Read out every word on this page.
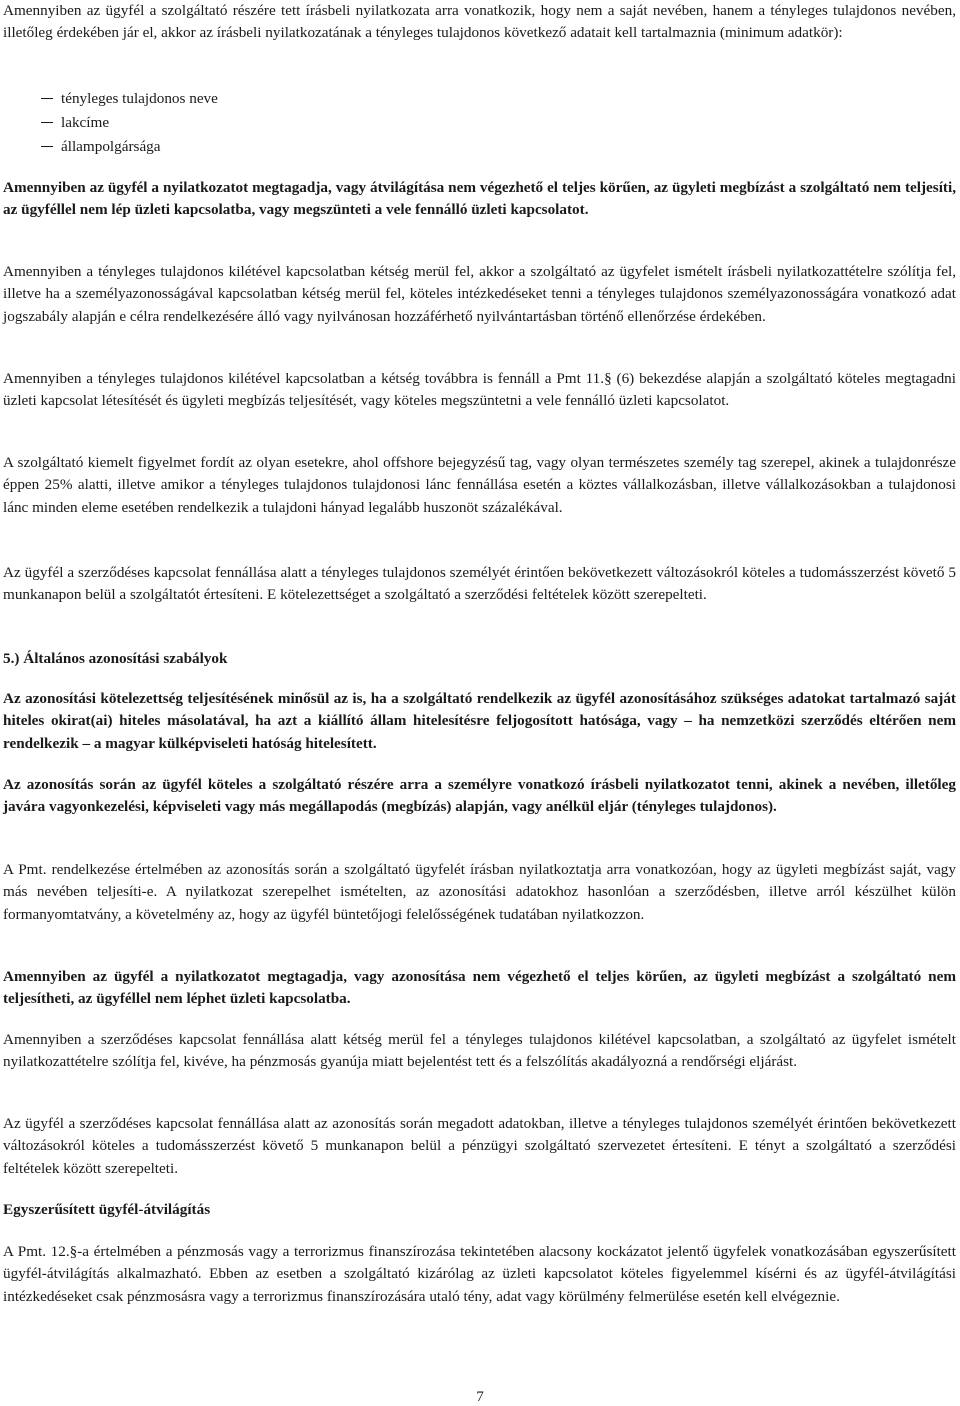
Amennyiben az ügyfél a szolgáltató részére tett írásbeli nyilatkozata arra vonatkozik, hogy nem a saját nevében, hanem a tényleges tulajdonos nevében, illetőleg érdekében jár el, akkor az írásbeli nyilatkozatának a tényleges tulajdonos következő adatait kell tartalmaznia (minimum adatkör):

tényleges tulajdonos neve
lakcíme
állampolgársága

Amennyiben az ügyfél a nyilatkozatot megtagadja, vagy átvilágítása nem végezhető el teljes körűen, az ügyleti megbízást a szolgáltató nem teljesíti, az ügyféllel nem lép üzleti kapcsolatba, vagy megszünteti a vele fennálló üzleti kapcsolatot.

Amennyiben a tényleges tulajdonos kilétével kapcsolatban kétség merül fel, akkor a szolgáltató az ügyfelet ismételt írásbeli nyilatkozattételre szólítja fel, illetve ha a személyazonosságával kapcsolatban kétség merül fel, köteles intézkedéseket tenni a tényleges tulajdonos személyazonosságára vonatkozó adat jogszabály alapján e célra rendelkezésére álló vagy nyilvánosan hozzáférhető nyilvántartásban történő ellenőrzése érdekében.

Amennyiben a tényleges tulajdonos kilétével kapcsolatban a kétség továbbra is fennáll a Pmt 11.§ (6) bekezdése alapján a szolgáltató köteles megtagadni üzleti kapcsolat létesítését és ügyleti megbízás teljesítését, vagy köteles megszüntetni a vele fennálló üzleti kapcsolatot.

A szolgáltató kiemelt figyelmet fordít az olyan esetekre, ahol offshore bejegyzésű tag, vagy olyan természetes személy tag szerepel, akinek a tulajdonrésze éppen 25% alatti, illetve amikor a tényleges tulajdonos tulajdonosi lánc fennállása esetén a köztes vállalkozásban, illetve vállalkozásokban a tulajdonosi lánc minden eleme esetében rendelkezik a tulajdoni hányad legalább huszonöt százalékával.

Az ügyfél a szerződéses kapcsolat fennállása alatt a tényleges tulajdonos személyét érintően bekövetkezett változásokról köteles a tudomásszerzést követő 5 munkanapon belül a szolgáltatót értesíteni. E kötelezettséget a szolgáltató a szerződési feltételek között szerepelteti.

5.) Általános azonosítási szabályok

Az azonosítási kötelezettség teljesítésének minősül az is, ha a szolgáltató rendelkezik az ügyfél azonosításához szükséges adatokat tartalmazó saját hiteles okirat(ai) hiteles másolatával, ha azt a kiállító állam hitelesítésre feljogosított hatósága, vagy – ha nemzetközi szerződés eltérően nem rendelkezik – a magyar külképviseleti hatóság hitelesített.

Az azonosítás során az ügyfél köteles a szolgáltató részére arra a személyre vonatkozó írásbeli nyilatkozatot tenni, akinek a nevében, illetőleg javára vagyonkezelési, képviseleti vagy más megállapodás (megbízás) alapján, vagy anélkül eljár (tényleges tulajdonos).

A Pmt. rendelkezése értelmében az azonosítás során a szolgáltató ügyfelét írásban nyilatkoztatja arra vonatkozóan, hogy az ügyleti megbízást saját, vagy más nevében teljesíti-e. A nyilatkozat szerepelhet ismételten, az azonosítási adatokhoz hasonlóan a szerződésben, illetve arról készülhet külön formanyomtatvány, a követelmény az, hogy az ügyfél büntetőjogi felelősségének tudatában nyilatkozzon.

Amennyiben az ügyfél a nyilatkozatot megtagadja, vagy azonosítása nem végezhető el teljes körűen, az ügyleti megbízást a szolgáltató nem teljesítheti, az ügyféllel nem léphet üzleti kapcsolatba.

Amennyiben a szerződéses kapcsolat fennállása alatt kétség merül fel a tényleges tulajdonos kilétével kapcsolatban, a szolgáltató az ügyfelet ismételt nyilatkozattételre szólítja fel, kivéve, ha pénzmosás gyanúja miatt bejelentést tett és a felszólítás akadályozná a rendőrségi eljárást.

Az ügyfél a szerződéses kapcsolat fennállása alatt az azonosítás során megadott adatokban, illetve a tényleges tulajdonos személyét érintően bekövetkezett változásokról köteles a tudomásszerzést követő 5 munkanapon belül a pénzügyi szolgáltató szervezetet értesíteni. E tényt a szolgáltató a szerződési feltételek között szerepelteti.

Egyszerűsített ügyfél-átvilágítás

A Pmt. 12.§-a értelmében a pénzmosás vagy a terrorizmus finanszírozása tekintetében alacsony kockázatot jelentő ügyfelek vonatkozásában egyszerűsített ügyfél-átvilágítás alkalmazható. Ebben az esetben a szolgáltató kizárólag az üzleti kapcsolatot köteles figyelemmel kísérni és az ügyfél-átvilágítási intézkedéseket csak pénzmosásra vagy a terrorizmus finanszírozására utaló tény, adat vagy körülmény felmerülése esetén kell elvégeznie.

7
